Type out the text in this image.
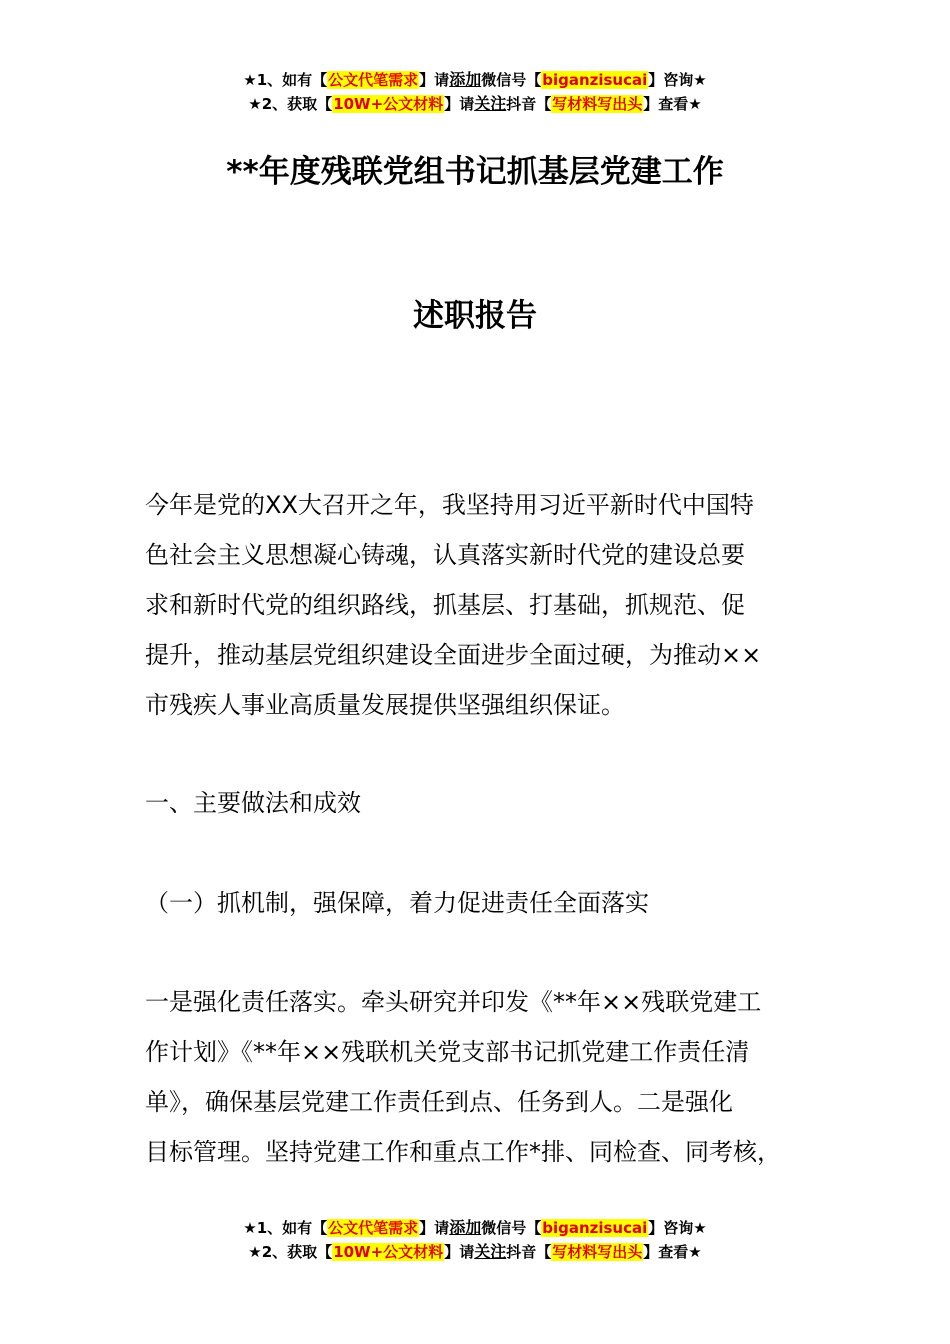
★1、如有【公文代笔需求】请添加微信号【biganzisucai】咨询★
★2、获取【10W+公文材料】请关注抖音【写材料写出头】查看★
**年度残联党组书记抓基层党建工作
述职报告
今年是党的XX大召开之年，我坚持用习近平新时代中国特
色社会主义思想凝心铸魂，认真落实新时代党的建设总要
求和新时代党的组织路线，抓基层、打基础，抓规范、促
提升，推动基层党组织建设全面进步全面过硬，为推动××
市残疾人事业高质量发展提供坚强组织保证。
一、主要做法和成效
（一）抓机制，强保障，着力促进责任全面落实
一是强化责任落实。牵头研究并印发《**年××残联党建工
作计划》《**年××残联机关党支部书记抓党建工作责任清
单》，确保基层党建工作责任到点、任务到人。二是强化
目标管理。坚持党建工作和重点工作*排、同检查、同考核，
★1、如有【公文代笔需求】请添加微信号【biganzisucai】咨询★
★2、获取【10W+公文材料】请关注抖音【写材料写出头】查看★
